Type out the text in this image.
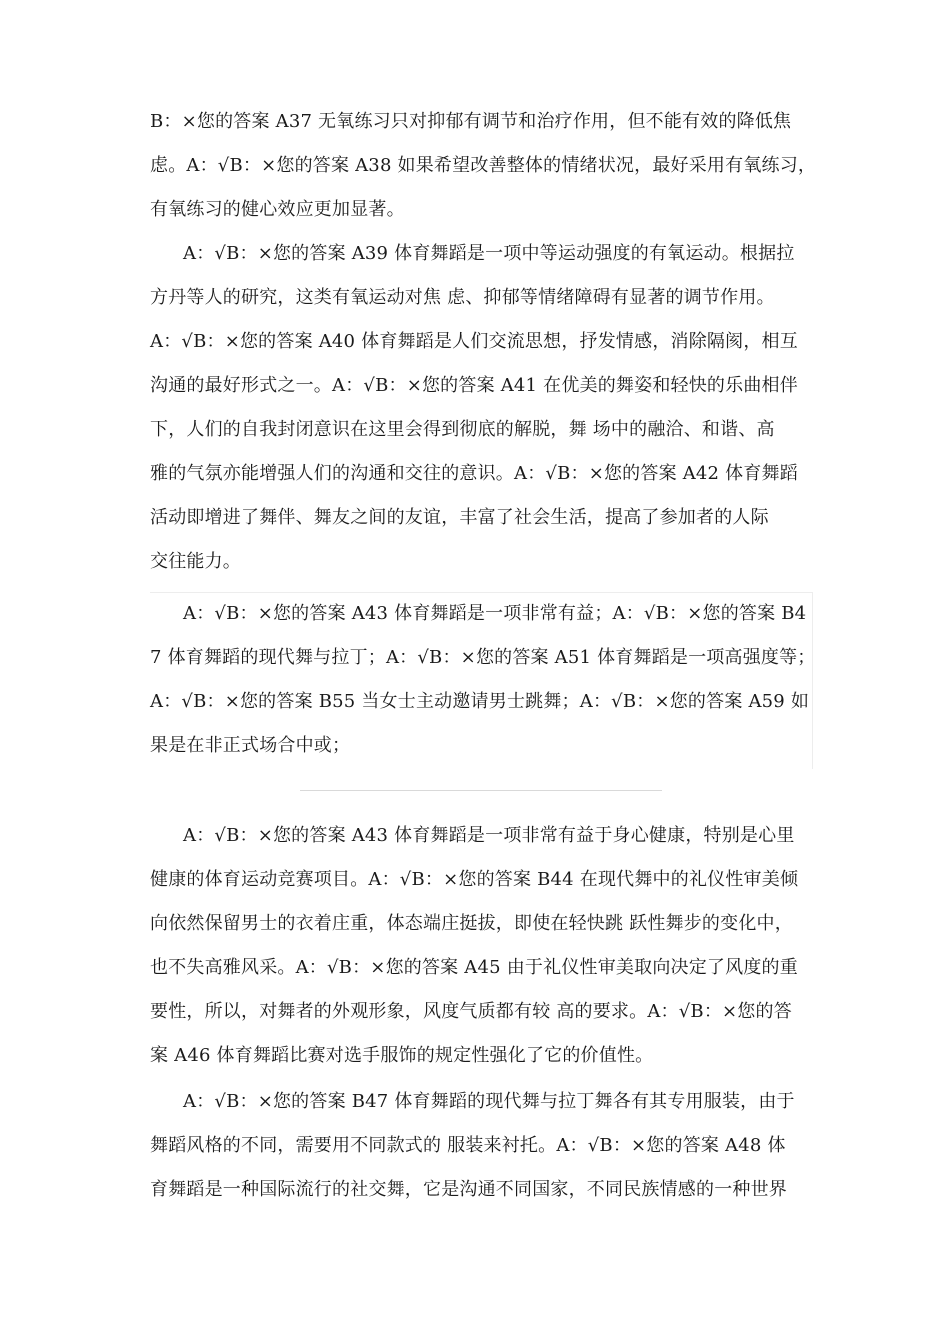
B：×您的答案 A37 无氧练习只对抑郁有调节和治疗作用，但不能有效的降低焦
虑。A：√B：×您的答案 A38 如果希望改善整体的情绪状况，最好采用有氧练习，
有氧练习的健心效应更加显著。
A：√B：×您的答案 A39 体育舞蹈是一项中等运动强度的有氧运动。根据拉
方丹等人的研究，这类有氧运动对焦 虑、抑郁等情绪障碍有显著的调节作用。
A：√B：×您的答案 A40 体育舞蹈是人们交流思想，抒发情感，消除隔阂，相互
沟通的最好形式之一。A：√B：×您的答案 A41 在优美的舞姿和轻快的乐曲相伴
下，人们的自我封闭意识在这里会得到彻底的解脱，舞 场中的融洽、和谐、高
雅的气氛亦能增强人们的沟通和交往的意识。A：√B：×您的答案 A42 体育舞蹈
活动即增进了舞伴、舞友之间的友谊，丰富了社会生活，提高了参加者的人际
交往能力。
A：√B：×您的答案 A43 体育舞蹈是一项非常有益；A：√B：×您的答案 B4
7 体育舞蹈的现代舞与拉丁；A：√B：×您的答案 A51 体育舞蹈是一项高强度等；
A：√B：×您的答案 B55 当女士主动邀请男士跳舞；A：√B：×您的答案 A59 如
果是在非正式场合中或；
A：√B：×您的答案 A43 体育舞蹈是一项非常有益于身心健康，特别是心里
健康的体育运动竞赛项目。A：√B：×您的答案 B44 在现代舞中的礼仪性审美倾
向依然保留男士的衣着庄重，体态端庄挺拔，即使在轻快跳 跃性舞步的变化中，
也不失高雅风采。A：√B：×您的答案 A45 由于礼仪性审美取向决定了风度的重
要性，所以，对舞者的外观形象，风度气质都有较 高的要求。A：√B：×您的答
案 A46 体育舞蹈比赛对选手服饰的规定性强化了它的价值性。
A：√B：×您的答案 B47 体育舞蹈的现代舞与拉丁舞各有其专用服装，由于
舞蹈风格的不同，需要用不同款式的 服装来衬托。A：√B：×您的答案 A48 体
育舞蹈是一种国际流行的社交舞，它是沟通不同国家，不同民族情感的一种世界
